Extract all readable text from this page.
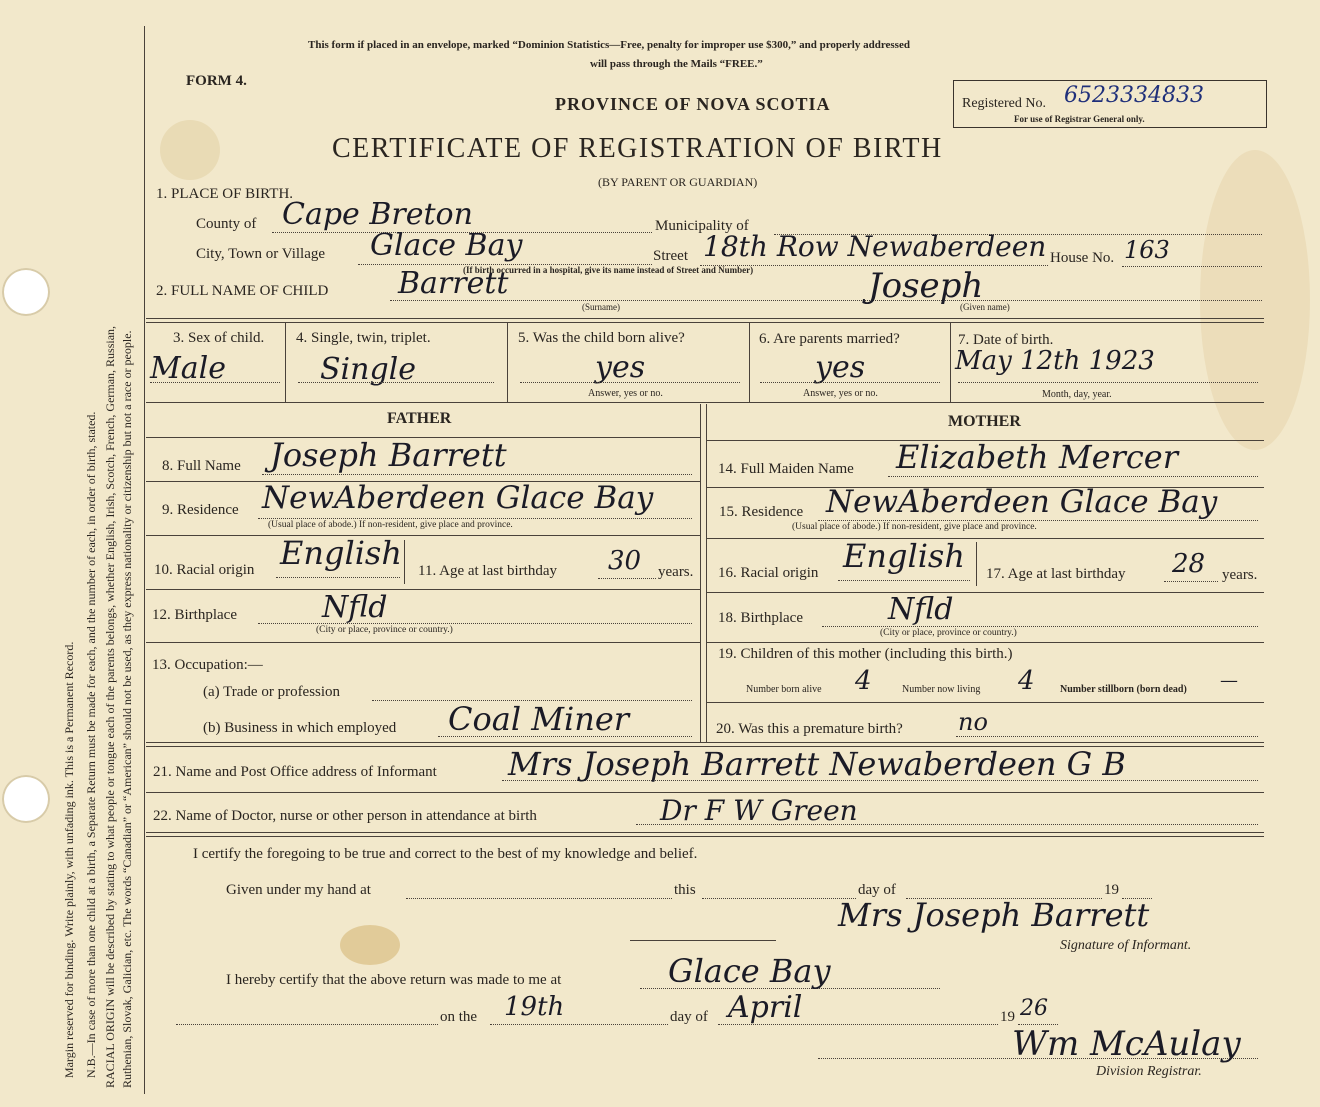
Margin reserved for binding. Write plainly, with unfading ink. This is a Permanent Record. N.B.—In case of more than one child at a birth, a Separate Return must be made for each, and the number of each, in order of birth, stated. RACIAL ORIGIN will be described by stating to what people or tongue each of the parents belongs, whether English, Irish, Scotch, French, German, Russian, Ruthenian, Slovak, Galician, etc. The words “Canadian” or “American” should not be used, as they express nationality or citizenship but not a race or people.
This form if placed in an envelope, marked “Dominion Statistics—Free, penalty for improper use $300,” and properly addressed
will pass through the Mails “FREE.”
FORM 4.
PROVINCE OF NOVA SCOTIA
CERTIFICATE OF REGISTRATION OF BIRTH
(BY PARENT OR GUARDIAN)
Registered No. 6523334833
For use of Registrar General only.
1. PLACE OF BIRTH.
County of Cape Breton	Municipality of
City, Town or Village Glace Bay	Street 18th Row Newaberdeen House No. 163
(If birth occurred in a hospital, give its name instead of Street and Number)
2. FULL NAME OF CHILD Barrett
(Surname)
Joseph
(Given name)
3. Sex of child.
Male
4. Single, twin, triplet.
Single
5. Was the child born alive?
yes
Answer, yes or no.
6. Are parents married?
yes
Answer, yes or no.
7. Date of birth.
May 12th 1923
Month, day, year.
FATHER	MOTHER
8. Full Name Joseph Barrett
9. Residence NewAberdeen Glace Bay
(Usual place of abode.) If non-resident, give place and province.
10. Racial origin English 11. Age at last birthday 30 years.
12. Birthplace	Nfld
(City or place, province or country.)
13. Occupation:—
(a) Trade or profession
(b) Business in which employed Coal Miner
14. Full Maiden Name Elizabeth Mercer
15. Residence NewAberdeen Glace Bay
(Usual place of abode.) If non-resident, give place and province.
16. Racial origin English 17. Age at last birthday 28 years.
18. Birthplace	Nfld
(City or place, province or country.)
19. Children of this mother (including this birth.)
Number born alive 4	Number now living 4	Number stillborn (born dead) —
20. Was this a premature birth? no
21. Name and Post Office address of Informant Mrs Joseph Barrett Newaberdeen G B
22. Name of Doctor, nurse or other person in attendance at birth	Dr F W Green
I certify the foregoing to be true and correct to the best of my knowledge and belief.
Given under my hand at	this	day of	19
Mrs Joseph Barrett
Signature of Informant.
I hereby certify that the above return was made to me at	Glace Bay
on the 19th	day of April	19 26
Wm McAulay
Division Registrar.
